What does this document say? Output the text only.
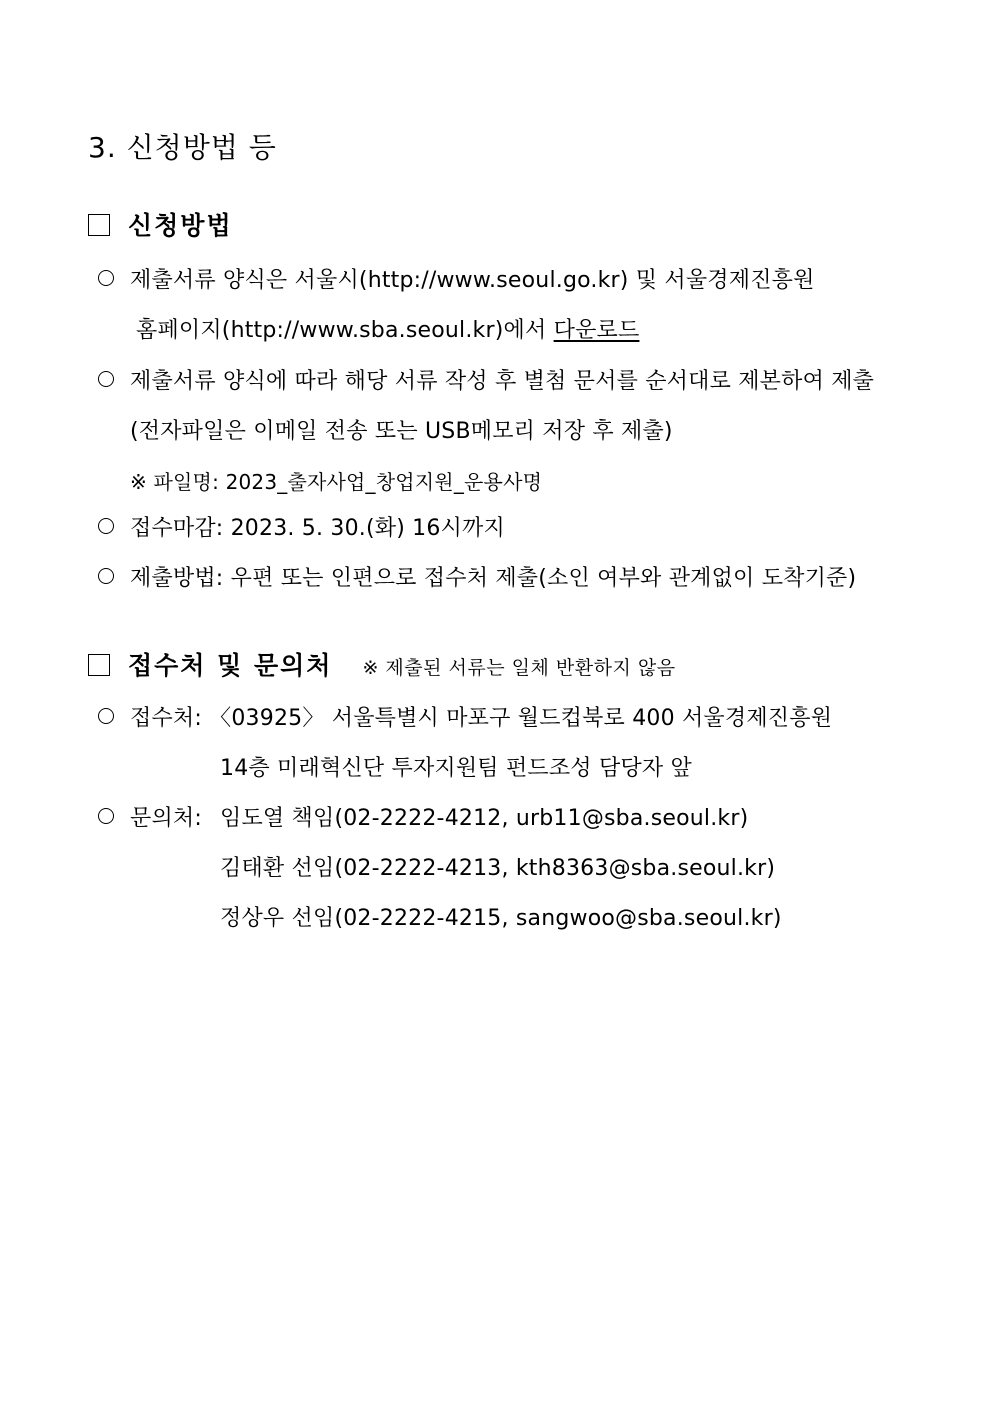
3. 신청방법 등
신청방법
제출서류 양식은 서울시(http://www.seoul.go.kr) 및 서울경제진흥원
홈페이지(http://www.sba.seoul.kr)에서 다운로드
제출서류 양식에 따라 해당 서류 작성 후 별첨 문서를 순서대로 제본하여 제출
(전자파일은 이메일 전송 또는 USB메모리 저장 후 제출)
※ 파일명: 2023_출자사업_창업지원_운용사명
접수마감: 2023. 5. 30.(화) 16시까지
제출방법: 우편 또는 인편으로 접수처 제출(소인 여부와 관계없이 도착기준)
접수처 및 문의처 ※ 제출된 서류는 일체 반환하지 않음
접수처: 〈03925〉 서울특별시 마포구 월드컵북로 400 서울경제진흥원
14층 미래혁신단 투자지원팀 펀드조성 담당자 앞
문의처: 임도열 책임(02-2222-4212, urb11@sba.seoul.kr)
김태환 선임(02-2222-4213, kth8363@sba.seoul.kr)
정상우 선임(02-2222-4215, sangwoo@sba.seoul.kr)
